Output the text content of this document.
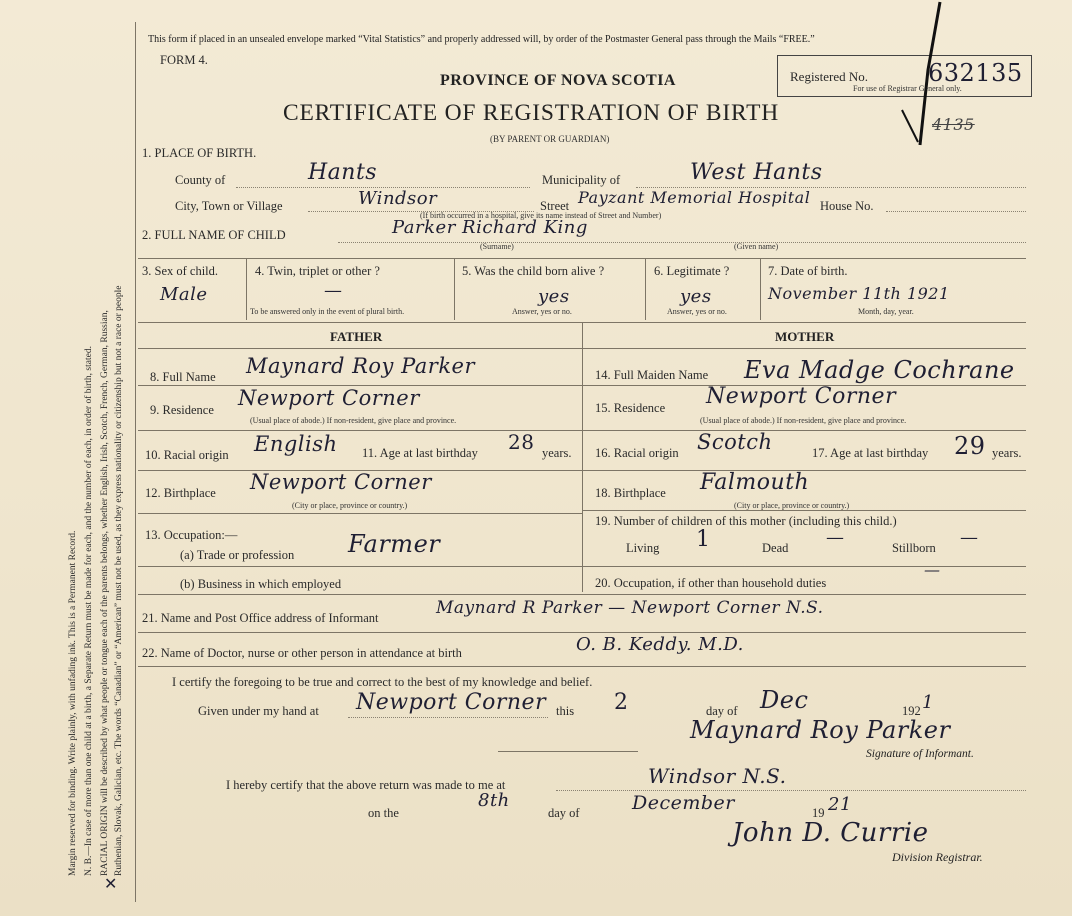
Margin reserved for binding. Write plainly, with unfading ink. This is a Permanent Record. N. B.—In case of more than one child at a birth, a Separate Return must be made for each, and the number of each, in order of birth, stated. RACIAL ORIGIN will be described by what people or tongue each of the parents belongs, whether English, Irish, Scotch, French, German, Russian, Ruthenian, Slovak, Galician, etc. The words “Canadian” or “American” must not be used, as they express nationality or citizenship but not a race or people
✕
This form if placed in an unsealed envelope marked “Vital Statistics” and properly addressed will, by order of the Postmaster General pass through the Mails “FREE.”
FORM 4.
PROVINCE OF NOVA SCOTIA
CERTIFICATE OF REGISTRATION OF BIRTH
(BY PARENT OR GUARDIAN)
Registered No.
For use of Registrar General only.
632135
4135
1. PLACE OF BIRTH.
County of	Hants	Municipality of	West Hants
City, Town or Village	Windsor	Street Payzant Memorial Hospital House No.
(If birth occurred in a hospital, give its name instead of Street and Number)
2. FULL NAME OF CHILD	Parker Richard King
(Surname)	(Given name)
3. Sex of child.
Male
4. Twin, triplet or other ?
—
To be answered only in the event of plural birth.
5. Was the child born alive ?
yes
Answer, yes or no.
6. Legitimate ?
yes
Answer, yes or no.
7. Date of birth.
November 11th 1921
Month, day, year.
FATHER	MOTHER
8. Full Name Maynard Roy Parker
9. Residence Newport Corner
(Usual place of abode.) If non-resident, give place and province.
10. Racial origin English 11. Age at last birthday 28 years.
12. Birthplace Newport Corner
(City or place, province or country.)
13. Occupation:—
(a) Trade or profession Farmer
(b) Business in which employed
14. Full Maiden Name Eva Madge Cochrane
15. Residence Newport Corner
(Usual place of abode.) If non-resident, give place and province.
16. Racial origin Scotch	17. Age at last birthday 29 years.
18. Birthplace Falmouth
(City or place, province or country.)
19. Number of children of this mother (including this child.)
Living 1	Dead —	Stillborn —
20. Occupation, if other than household duties
—
21. Name and Post Office address of Informant	Maynard R Parker — Newport Corner N.S.
22. Name of Doctor, nurse or other person in attendance at birth	O. B. Keddy. M.D.
I certify the foregoing to be true and correct to the best of my knowledge and belief.
Given under my hand at Newport Corner this 2	day of Dec	192 1
Maynard Roy Parker
Signature of Informant.
I hereby certify that the above return was made to me at	Windsor N.S.
on the
8th
day of	December	19 21
John D. Currie
Division Registrar.
